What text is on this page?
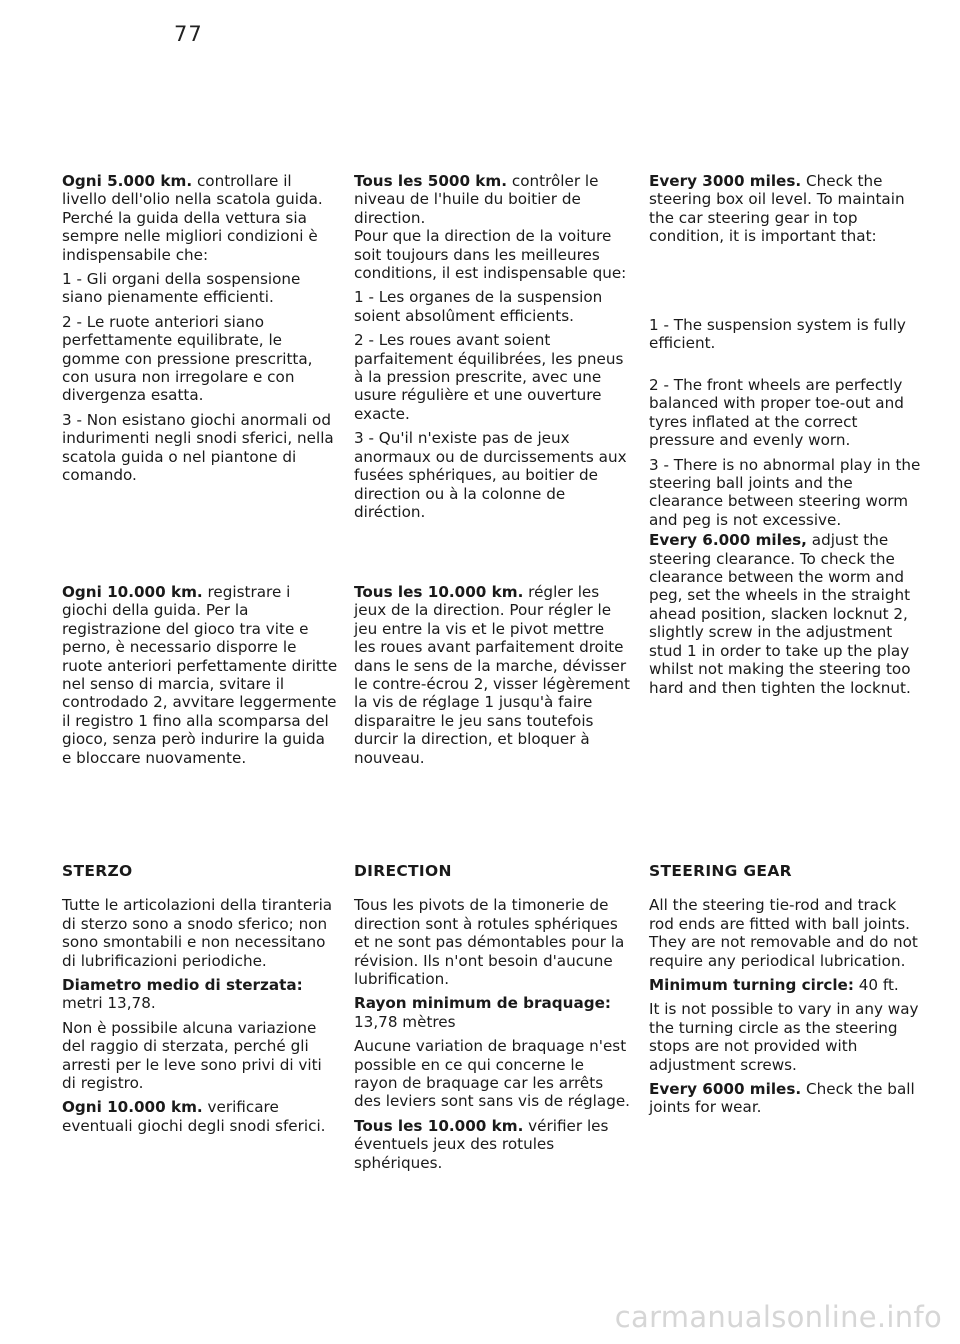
77

Ogni 5.000 km. controllare il livello dell'olio nella scatola guida.

Perché la guida della vettura sia sempre nelle migliori condizioni è indispensabile che:

1 - Gli organi della sospensione siano pienamente efficienti.

2 - Le ruote anteriori siano perfettamente equilibrate, le gomme con pressione prescritta, con usura non irregolare e con divergenza esatta.

3 - Non esistano giochi anormali od indurimenti negli snodi sferici, nella scatola guida o nel piantone di comando.

Ogni 10.000 km. registrare i giochi della guida. Per la registrazione del gioco tra vite e perno, è necessario disporre le ruote anteriori perfettamente diritte nel senso di marcia, svitare il controdado 2, avvitare leggermente il registro 1 fino alla scomparsa del gioco, senza però indurire la guida e bloccare nuovamente.

STERZO

Tutte le articolazioni della tiranteria di sterzo sono a snodo sferico; non sono smontabili e non necessitano di lubrificazioni periodiche.

Diametro medio di sterzata: metri 13,78.

Non è possibile alcuna variazione del raggio di sterzata, perché gli arresti per le leve sono privi di viti di registro.

Ogni 10.000 km. verificare eventuali giochi degli snodi sferici.

Tous les 5000 km. contrôler le niveau de l'huile du boitier de direction.

Pour que la direction de la voiture soit toujours dans les meilleures conditions, il est indispensable que:

1 - Les organes de la suspension soient absolûment efficients.

2 - Les roues avant soient parfaitement équilibrées, les pneus à la pression prescrite, avec une usure régulière et une ouverture exacte.

3 - Qu'il n'existe pas de jeux anormaux ou de durcissements aux fusées sphériques, au boitier de direction ou à la colonne de diréction.

Tous les 10.000 km. régler les jeux de la direction. Pour régler le jeu entre la vis et le pivot mettre les roues avant parfaitement droite dans le sens de la marche, dévisser le contre-écrou 2, visser légèrement la vis de réglage 1 jusqu'à faire disparaitre le jeu sans toutefois durcir la direction, et bloquer à nouveau.

DIRECTION

Tous les pivots de la timonerie de direction sont à rotules sphériques et ne sont pas démontables pour la révision. Ils n'ont besoin d'aucune lubrification.

Rayon minimum de braquage: 13,78 mètres

Aucune variation de braquage n'est possible en ce qui concerne le rayon de braquage car les arrêts des leviers sont sans vis de réglage.

Tous les 10.000 km. vérifier les éventuels jeux des rotules sphériques.

Every 3000 miles. Check the steering box oil level. To maintain the car steering gear in top condition, it is important that:

1 - The suspension system is fully efficient.

2 - The front wheels are perfectly balanced with proper toe-out and tyres inflated at the correct pressure and evenly worn.

3 - There is no abnormal play in the steering ball joints and the clearance between steering worm and peg is not excessive.

Every 6.000 miles, adjust the steering clearance. To check the clearance between the worm and peg, set the wheels in the straight ahead position, slacken locknut 2, slightly screw in the adjustment stud 1 in order to take up the play whilst not making the steering too hard and then tighten the locknut.

STEERING GEAR

All the steering tie-rod and track rod ends are fitted with ball joints. They are not removable and do not require any periodical lubrication.

Minimum turning circle: 40 ft.

It is not possible to vary in any way the turning circle as the steering stops are not provided with adjustment screws.

Every 6000 miles. Check the ball joints for wear.

carmanualsonline.info
